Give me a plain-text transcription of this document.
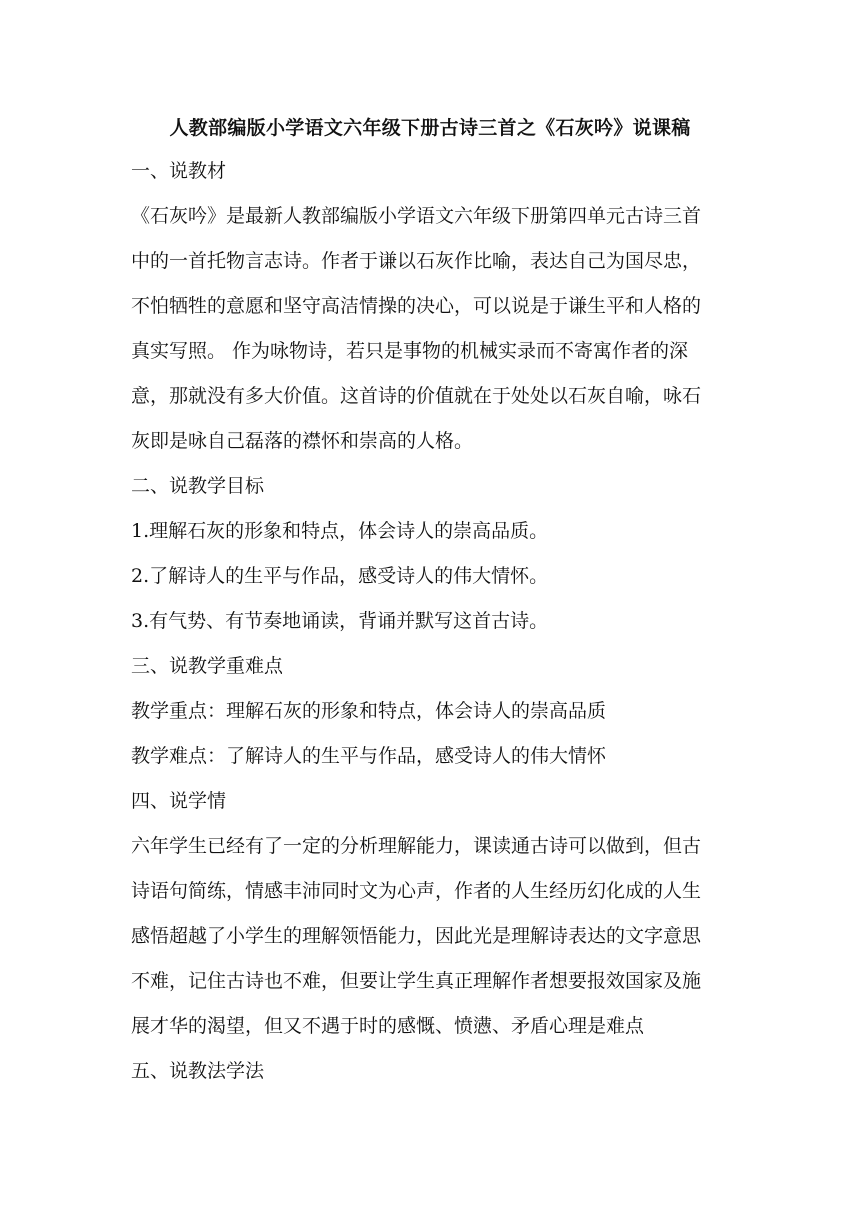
人教部编版小学语文六年级下册古诗三首之《石灰吟》说课稿
一、说教材
《石灰吟》是最新人教部编版小学语文六年级下册第四单元古诗三首
中的一首托物言志诗。作者于谦以石灰作比喻，表达自己为国尽忠，
不怕牺牲的意愿和坚守高洁情操的决心，可以说是于谦生平和人格的
真实写照。 作为咏物诗，若只是事物的机械实录而不寄寓作者的深
意，那就没有多大价值。这首诗的价值就在于处处以石灰自喻，咏石
灰即是咏自己磊落的襟怀和崇高的人格。
二、说教学目标
1.理解石灰的形象和特点，体会诗人的崇高品质。
2.了解诗人的生平与作品，感受诗人的伟大情怀。
3.有气势、有节奏地诵读，背诵并默写这首古诗。
三、说教学重难点
教学重点：理解石灰的形象和特点，体会诗人的崇高品质
教学难点：了解诗人的生平与作品，感受诗人的伟大情怀
四、说学情
六年学生已经有了一定的分析理解能力，课读通古诗可以做到，但古
诗语句简练，情感丰沛同时文为心声，作者的人生经历幻化成的人生
感悟超越了小学生的理解领悟能力，因此光是理解诗表达的文字意思
不难，记住古诗也不难，但要让学生真正理解作者想要报效国家及施
展才华的渴望，但又不遇于时的感慨、愤懑、矛盾心理是难点
五、说教法学法
